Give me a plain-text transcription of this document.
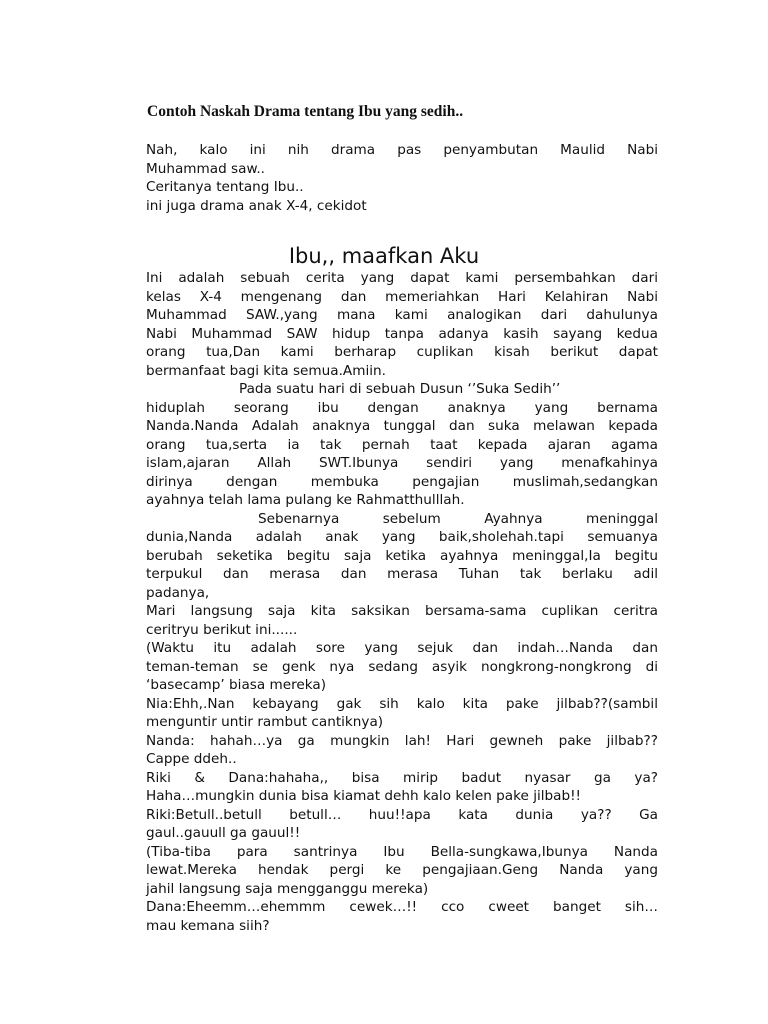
Contoh Naskah Drama tentang Ibu yang sedih..
Nah, kalo ini nih drama pas penyambutan Maulid Nabi
Muhammad saw..
Ceritanya tentang Ibu..
ini juga drama anak X-4, cekidot
Ibu,, maafkan Aku
Ini adalah sebuah cerita yang dapat kami persembahkan dari
kelas X-4 mengenang dan memeriahkan Hari Kelahiran Nabi
Muhammad SAW.,yang mana kami analogikan dari dahulunya
Nabi Muhammad SAW hidup tanpa adanya kasih sayang kedua
orang tua,Dan kami berharap cuplikan kisah berikut dapat
bermanfaat bagi kita semua.Amiin.
Pada suatu hari di sebuah Dusun ‘’Suka Sedih’’
hiduplah seorang ibu dengan anaknya yang bernama
Nanda.Nanda Adalah anaknya tunggal dan suka melawan kepada
orang tua,serta ia tak pernah taat kepada ajaran agama
islam,ajaran Allah SWT.Ibunya sendiri yang menafkahinya
dirinya dengan membuka pengajian muslimah,sedangkan
ayahnya telah lama pulang ke Rahmatthulllah.
Sebenarnya sebelum Ayahnya meninggal
dunia,Nanda adalah anak yang baik,sholehah.tapi semuanya
berubah seketika begitu saja ketika ayahnya meninggal,Ia begitu
terpukul dan merasa dan merasa Tuhan tak berlaku adil
padanya,
Mari langsung saja kita saksikan bersama-sama cuplikan ceritra
ceritryu berikut ini......
(Waktu itu adalah sore yang sejuk dan indah…Nanda dan
teman-teman se genk nya sedang asyik nongkrong-nongkrong di
‘basecamp’ biasa mereka)
Nia:Ehh,.Nan kebayang gak sih kalo kita pake jilbab??(sambil
menguntir untir rambut cantiknya)
Nanda: hahah…ya ga mungkin lah! Hari gewneh pake jilbab??
Cappe ddeh..
Riki & Dana:hahaha,, bisa mirip badut nyasar ga ya?
Haha…mungkin dunia bisa kiamat dehh kalo kelen pake jilbab!!
Riki:Betull..betull betull… huu!!apa kata dunia ya?? Ga
gaul..gauull ga gauul!!
(Tiba-tiba para santrinya Ibu Bella-sungkawa,Ibunya Nanda
lewat.Mereka hendak pergi ke pengajiaan.Geng Nanda yang
jahil langsung saja mengganggu mereka)
Dana:Eheemm…ehemmm cewek…!! cco cweet banget sih…
mau kemana siih?
